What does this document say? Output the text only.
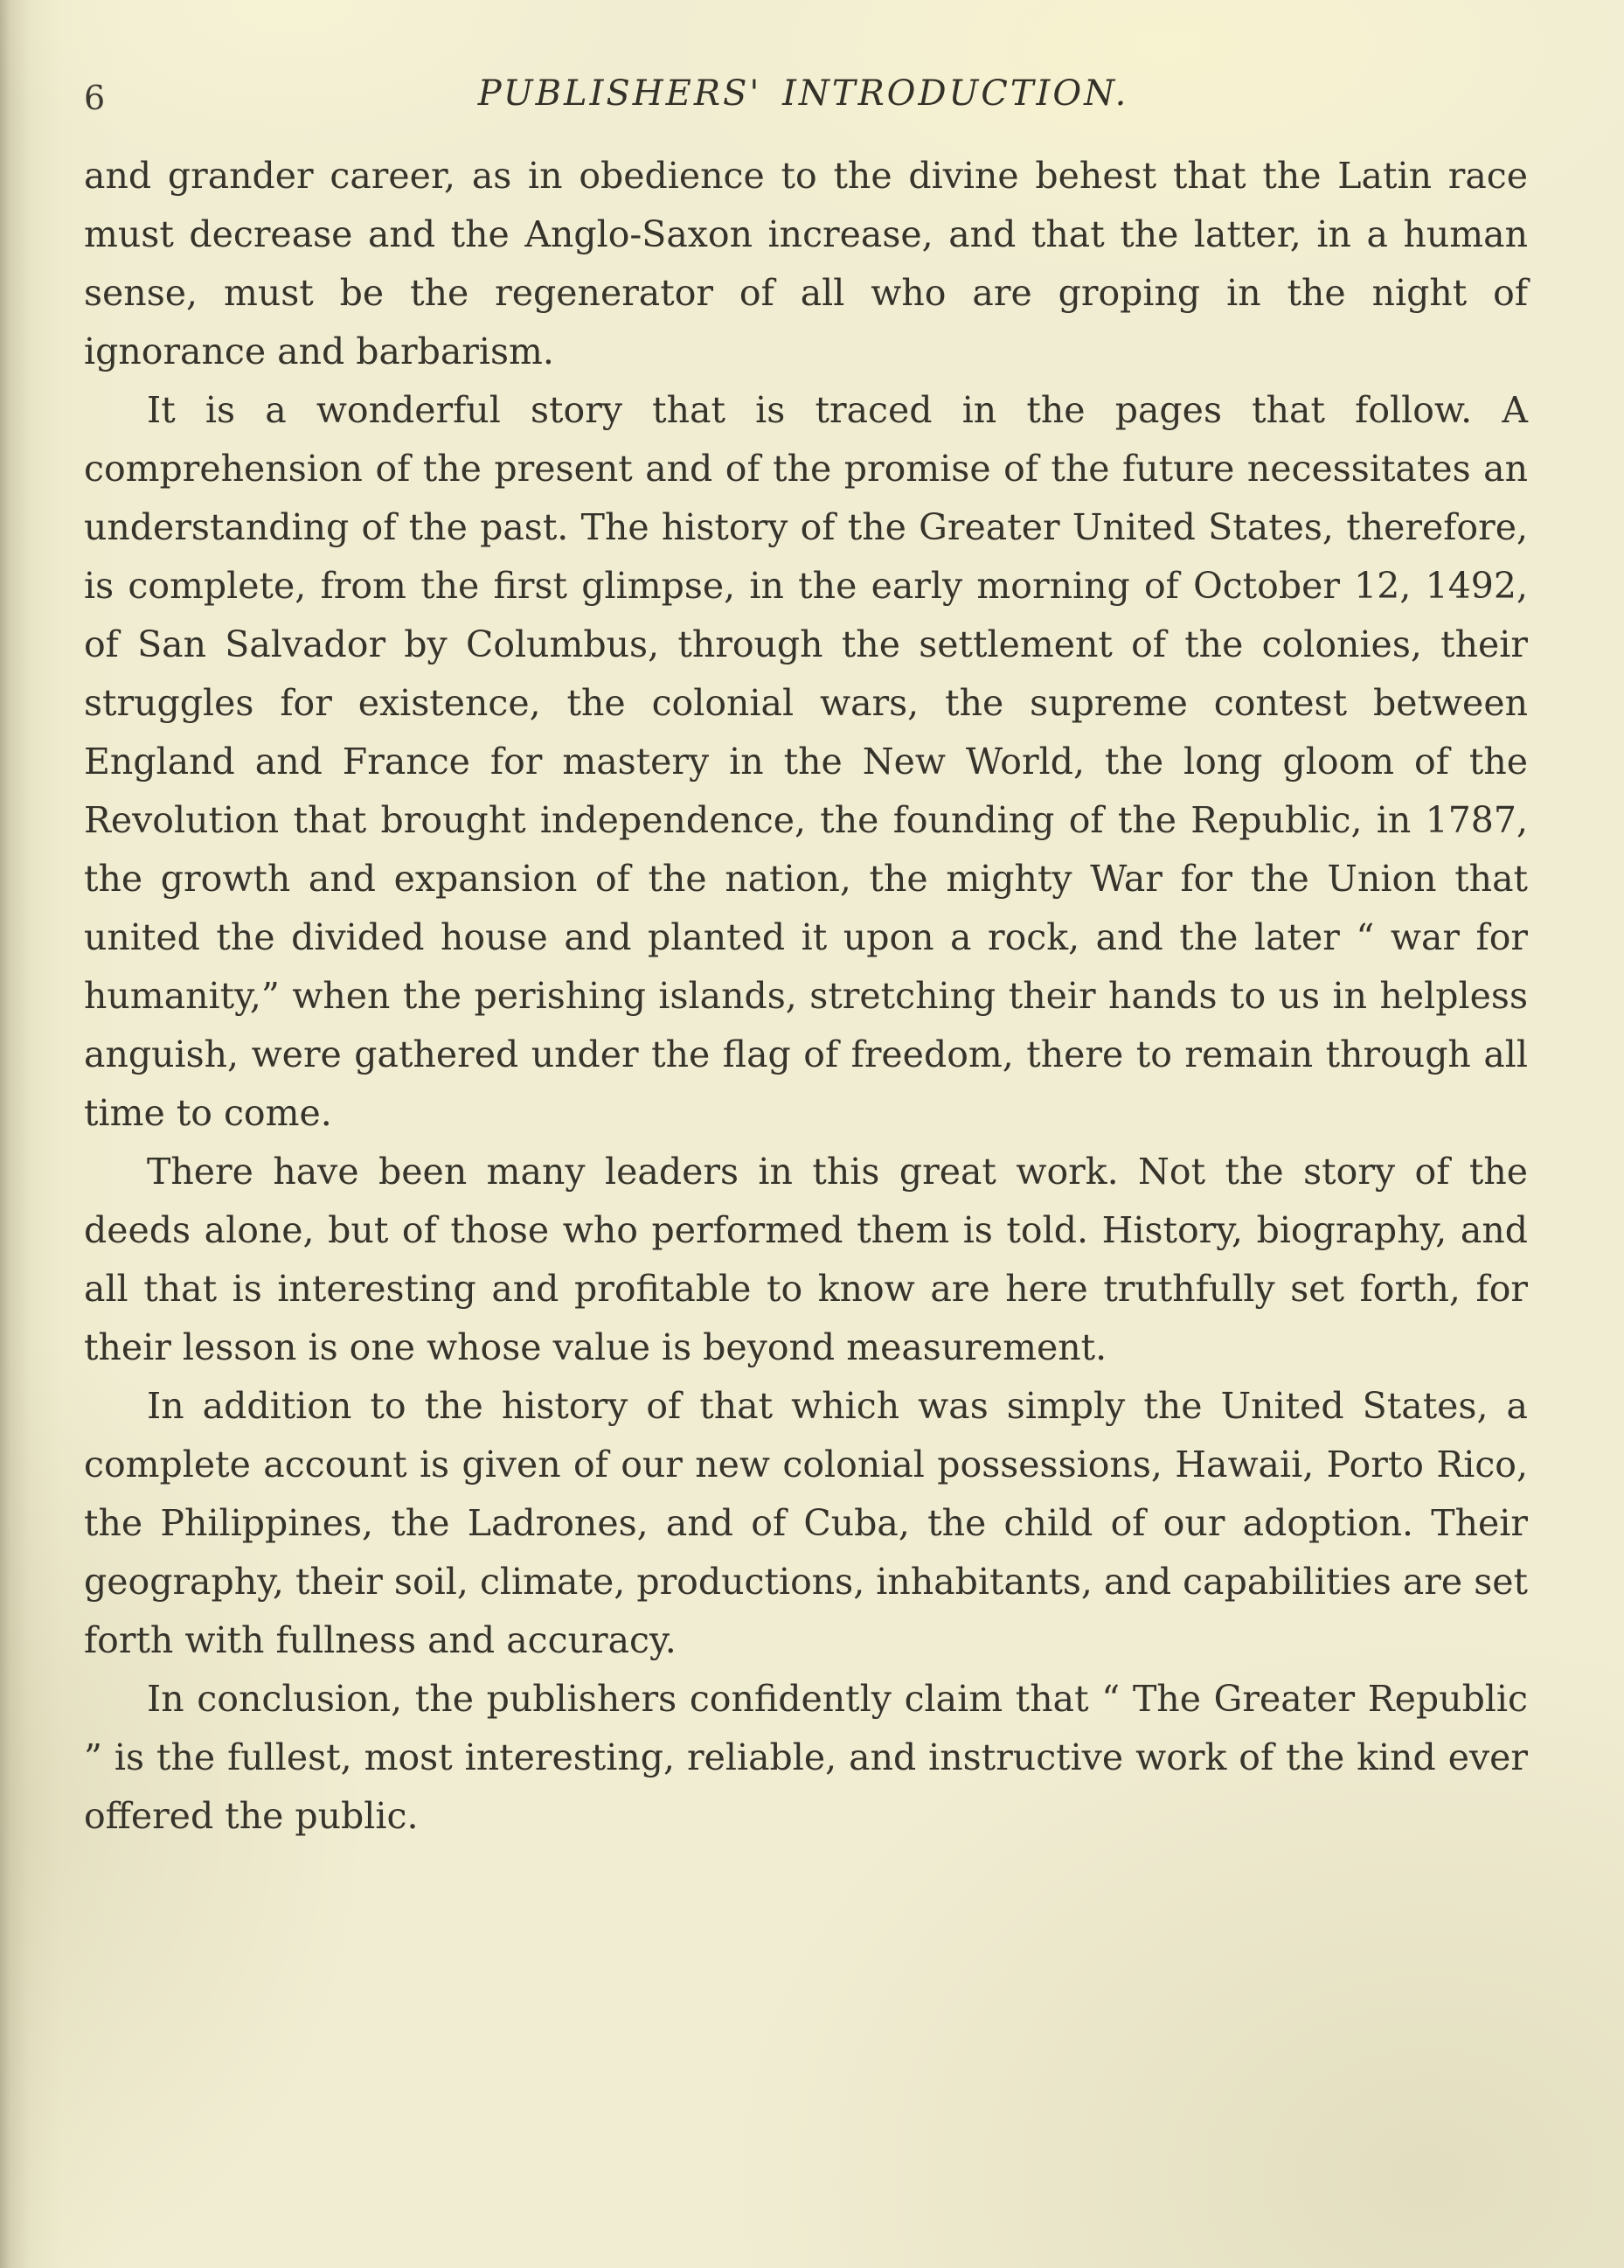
6	PUBLISHERS' INTRODUCTION.

and grander career, as in obedience to the divine behest that the Latin race must decrease and the Anglo-Saxon increase, and that the latter, in a human sense, must be the regenerator of all who are groping in the night of ignorance and barbarism.

It is a wonderful story that is traced in the pages that follow. A comprehension of the present and of the promise of the future necessitates an understanding of the past. The history of the Greater United States, therefore, is complete, from the first glimpse, in the early morning of October 12, 1492, of San Salvador by Columbus, through the settlement of the colonies, their struggles for existence, the colonial wars, the supreme contest between England and France for mastery in the New World, the long gloom of the Revolution that brought independence, the founding of the Republic, in 1787, the growth and expansion of the nation, the mighty War for the Union that united the divided house and planted it upon a rock, and the later “ war for humanity,” when the perishing islands, stretching their hands to us in helpless anguish, were gathered under the flag of freedom, there to remain through all time to come.

There have been many leaders in this great work. Not the story of the deeds alone, but of those who performed them is told. History, biography, and all that is interesting and profitable to know are here truthfully set forth, for their lesson is one whose value is beyond measurement.

In addition to the history of that which was simply the United States, a complete account is given of our new colonial possessions, Hawaii, Porto Rico, the Philippines, the Ladrones, and of Cuba, the child of our adoption. Their geography, their soil, climate, productions, inhabitants, and capabilities are set forth with fullness and accuracy.

In conclusion, the publishers confidently claim that “ The Greater Republic ” is the fullest, most interesting, reliable, and instructive work of the kind ever offered the public.
